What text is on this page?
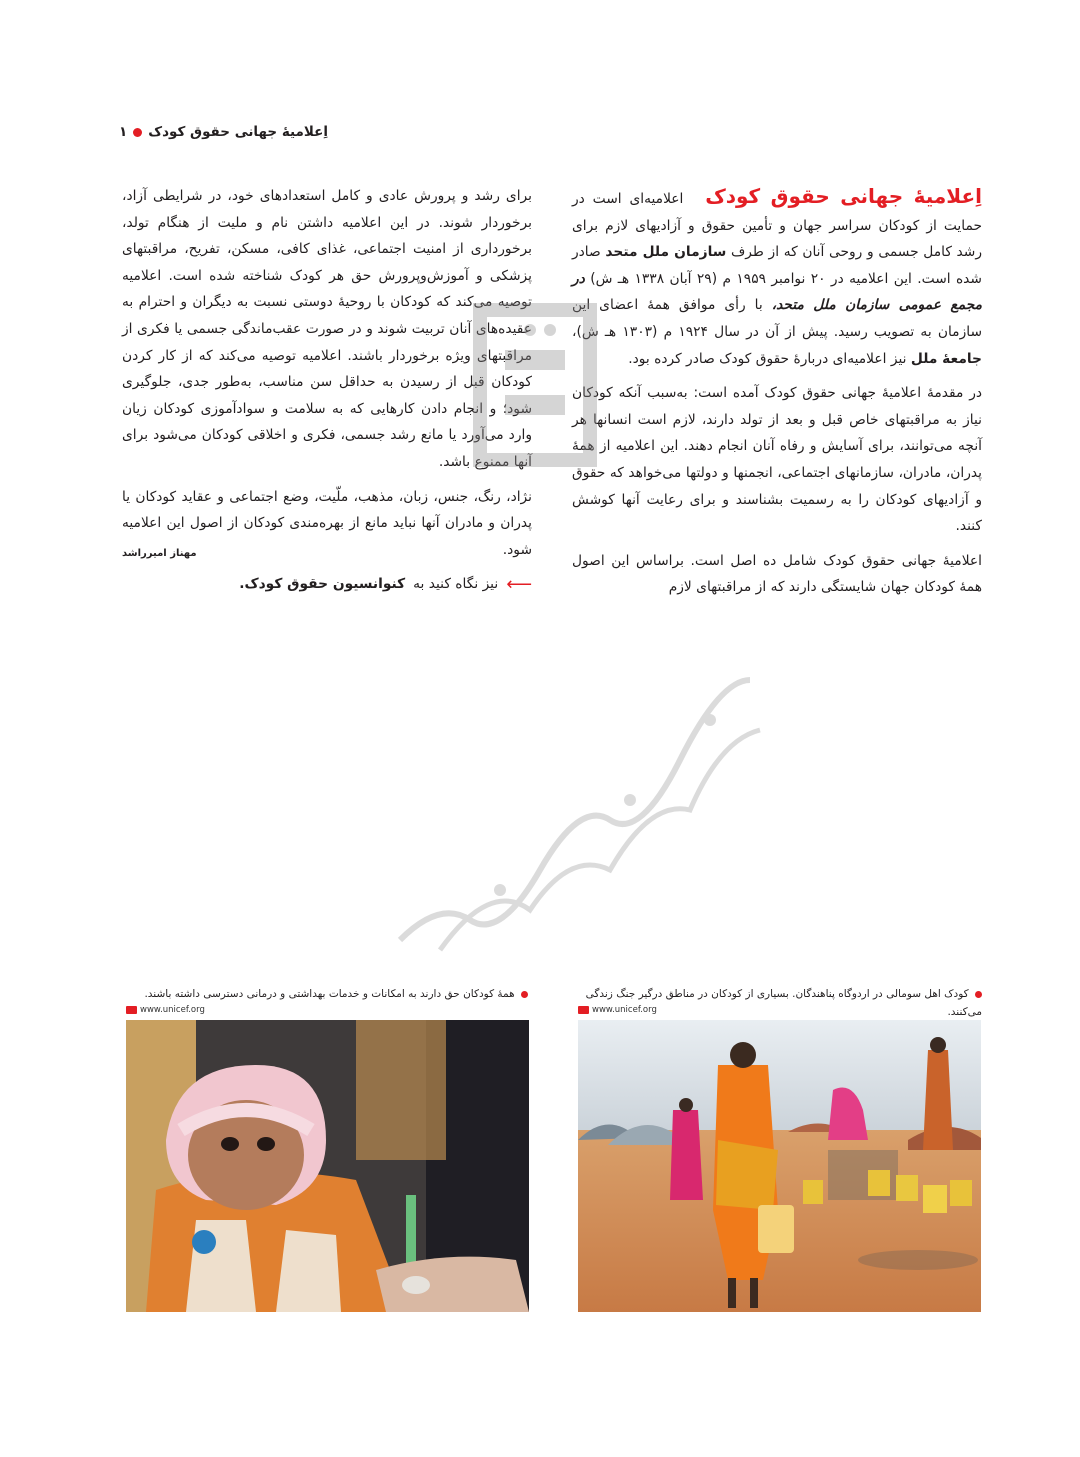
اِعلامیهٔ جهانی حقوق کودک
۱

اِعلامیهٔ جهانی حقوق کودک اعلامیه‌ای است در حمایت از کودکان سراسر جهان و تأمین حقوق و آزادیهای لازم برای رشد کامل جسمی و روحی آنان که از طرف سازمان ملل متحد صادر شده است. این اعلامیه در ۲۰ نوامبر ۱۹۵۹ م (۲۹ آبان ۱۳۳۸ هـ ش) در مجمع عمومی سازمان ملل متحد، با رأی موافق همهٔ اعضای این سازمان به تصویب رسید. پیش از آن در سال ۱۹۲۴ م (۱۳۰۳ هـ ش)، جامعهٔ ملل نیز اعلامیه‌ای دربارهٔ حقوق کودک صادر کرده بود.

در مقدمهٔ اعلامیهٔ جهانی حقوق کودک آمده است: به‌سبب آنکه کودکان نیاز به مراقبتهای خاص قبل و بعد از تولد دارند، لازم است انسانها هر آنچه می‌توانند، برای آسایش و رفاه آنان انجام دهند. این اعلامیه از همهٔ پدران، مادران، سازمانهای اجتماعی، انجمنها و دولتها می‌خواهد که حقوق و آزادیهای کودکان را به رسمیت بشناسند و برای رعایت آنها کوشش کنند.

اعلامیهٔ جهانی حقوق کودک شامل ده اصل است. براساس این اصول همهٔ کودکان جهان شایستگی دارند که از مراقبتهای لازم

برای رشد و پرورش عادی و کامل استعدادهای خود، در شرایطی آزاد، برخوردار شوند. در این اعلامیه داشتن نام و ملیت از هنگام تولد، برخورداری از امنیت اجتماعی، غذای کافی، مسکن، تفریح، مراقبتهای پزشکی و آموزش‌وپرورش حق هر کودک شناخته شده است. اعلامیه توصیه می‌کند که کودکان با روحیهٔ دوستی نسبت به دیگران و احترام به عقیده‌های آنان تربیت شوند و در صورت عقب‌ماندگی جسمی یا فکری از مراقبتهای ویژه برخوردار باشند. اعلامیه توصیه می‌کند که از کار کردن کودکان قبل از رسیدن به حداقل سن مناسب، به‌طور جدی، جلوگیری شود؛ و انجام دادن کارهایی که به سلامت و سوادآموزی کودکان زیان وارد می‌آورد یا مانع رشد جسمی، فکری و اخلاقی کودکان می‌شود برای آنها ممنوع باشد.

نژاد، رنگ، جنس، زبان، مذهب، ملّیت، وضع اجتماعی و عقاید کودکان یا پدران و مادران آنها نباید مانع از بهره‌مندی کودکان از اصول این اعلامیه شود.
مهناز امیرراشد

⟵
نیز نگاه کنید به
کنوانسیون حقوق کودک.
کودک اهل سومالی در اردوگاه پناهندگان. بسیاری از کودکان در مناطق درگیر جنگ زندگی می‌کنند.
www.unicef.org
همهٔ کودکان حق دارند به امکانات و خدمات بهداشتی و درمانی دسترسی داشته باشند.
www.unicef.org
